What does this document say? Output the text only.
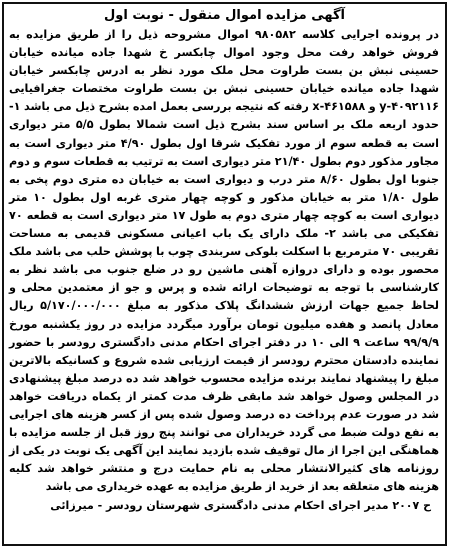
آگهی مزایده اموال منقول - نوبت اول
در پرونده اجرایی کلاسه ۹۸۰۵۸۲ اموال مشروحه ذیل را از طریق مزایده به فروش خواهد رفت محل وجود اموال چابکسر خ شهدا جاده میانده خیابان حسینی نبش بن بست طراوت محل ملک مورد نظر به ادرس چابکسر خیابان شهدا جاده میانده خیابان حسینی نبش بن بست طراوت مختصات جغرافیایی y-۴۰۹۲۱۱۶ و ۴۶۱۵۸۸-x رفته که نتیجه بررسی بعمل امده بشرح ذیل می باشد ۱- حدود اربعه ملک بر اساس سند بشرح ذیل است شمالا بطول ۵/۵ متر دیواری است به قطعه سوم از مورد تفکیک شرقا اول بطول ۴/۹۰ متر دیواری است به مجاور مذکور دوم بطول ۲۱/۴۰ متر دیواری است به ترتیب به قطعات سوم و دوم جنوبا اول بطول ۸/۶۰ متر درب و دیواری است به خیابان ده متری دوم پخی به طول ۱/۸۰ متر به خیابان مذکور و کوچه چهار متری غربه اول بطول ۱۰ متر دیواری است به کوچه چهار متری دوم به طول ۱۷ متر دیواری است به قطعه ۷۰ تفکیکی می باشد ۲- ملک دارای یک باب اعیانی مسکونی قدیمی به مساحت تقریبی ۷۰ مترمربع با اسکلت بلوکی سربندی چوب با پوشش حلب می باشد ملک محصور بوده و دارای دروازه آهنی ماشین رو در ضلع جنوب می باشد نظر به کارشناسی با توجه به توضیحات ارائه شده و پرس و جو از معتمدین محلی و لحاظ جمیع جهات ارزش ششدانگ پلاک مذکور به مبلغ ۵/۱۷۰/۰۰۰/۰۰۰ ریال معادل پانصد و هفده میلیون تومان برآورد میگردد مزایده در روز یکشنبه مورخ ۹۹/۹/۹ ساعت ۹ الی ۱۰ در دفتر اجرای احکام مدنی دادگستری رودسر با حضور نماینده دادستان محترم رودسر از قیمت ارزیابی شده شروع و کسانیکه بالاترین مبلغ را پیشنهاد نمایند برنده مزایده محسوب خواهد شد ده درصد مبلغ پیشنهادی در المجلس وصول خواهد شد مابقی ظرف مدت کمتر از یکماه دریافت خواهد شد در صورت عدم پرداخت ده درصد وصول شده پس از کسر هزینه های اجرایی به نفع دولت ضبط می گردد خریداران می توانند پنج روز قبل از جلسه مزایده با هماهنگی این اجرا از مال توقیف شده بازدید نمایند این آگهی یک نوبت در یکی از روزنامه های کثیرالانتشار محلی به نام حمایت درج و منتشر خواهد شد کلیه هزینه های متعلقه بعد از خرید از طریق مزایده به عهده خریداری می باشد
ح ۲۰۰۷ مدیر اجرای احکام مدنی دادگستری شهرستان رودسر - میرزائی
